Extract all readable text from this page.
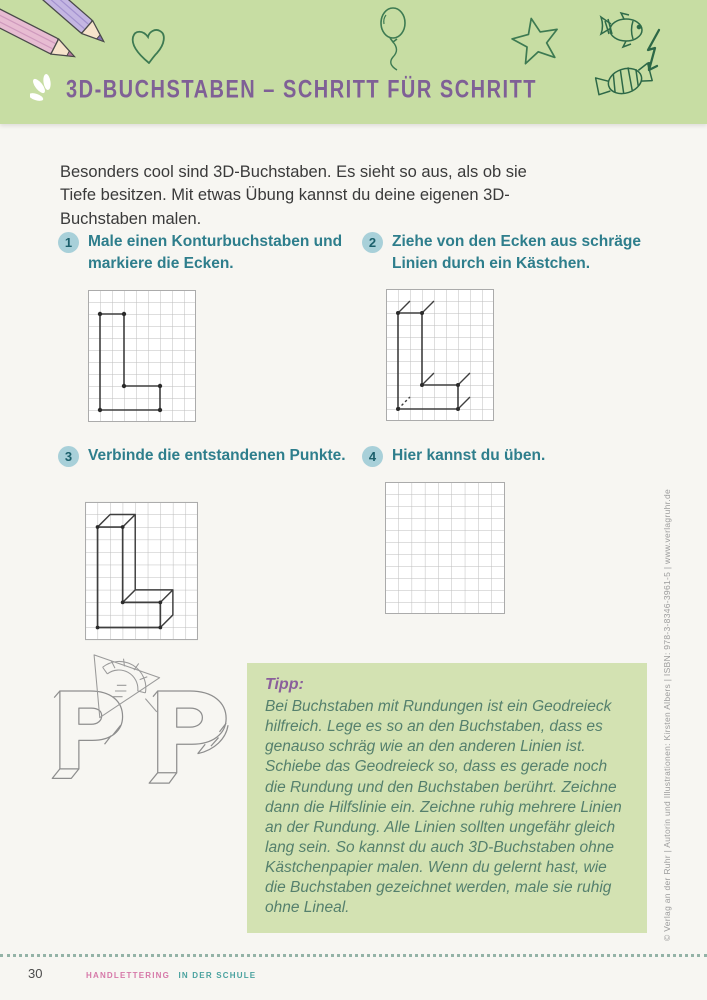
3D-BUCHSTABEN – SCHRITT FÜR SCHRITT

Besonders cool sind 3D-Buchstaben. Es sieht so aus, als ob sie Tiefe besitzen. Mit etwas Übung kannst du deine eigenen 3D-Buchstaben malen.

1	Male einen Konturbuchstaben und markiere die Ecken.
2	Ziehe von den Ecken aus schräge Linien durch ein Kästchen.
3	Verbinde die entstandenen Punkte.	4	Hier kannst du üben.
Tipp:
Bei Buchstaben mit Rundungen ist ein Geodreieck hilfreich. Lege es so an den Buchstaben, dass es genauso schräg wie an den anderen Linien ist. Schiebe das Geodreieck so, dass es gerade noch die Rundung und den Buchstaben berührt. Zeichne dann die Hilfslinie ein. Zeichne ruhig mehrere Linien an der Rundung. Alle Linien sollten ungefähr gleich lang sein. So kannst du auch 3D-Buchstaben ohne Kästchenpapier malen. Wenn du gelernt hast, wie die Buchstaben gezeichnet werden, male sie ruhig ohne Lineal.	© Verlag an der Ruhr | Autorin und Illustrationen: Kirsten Albers | ISBN: 978-3-8346-3961-5 | www.verlagruhr.de
30	HANDLETTERING IN DER SCHULE
